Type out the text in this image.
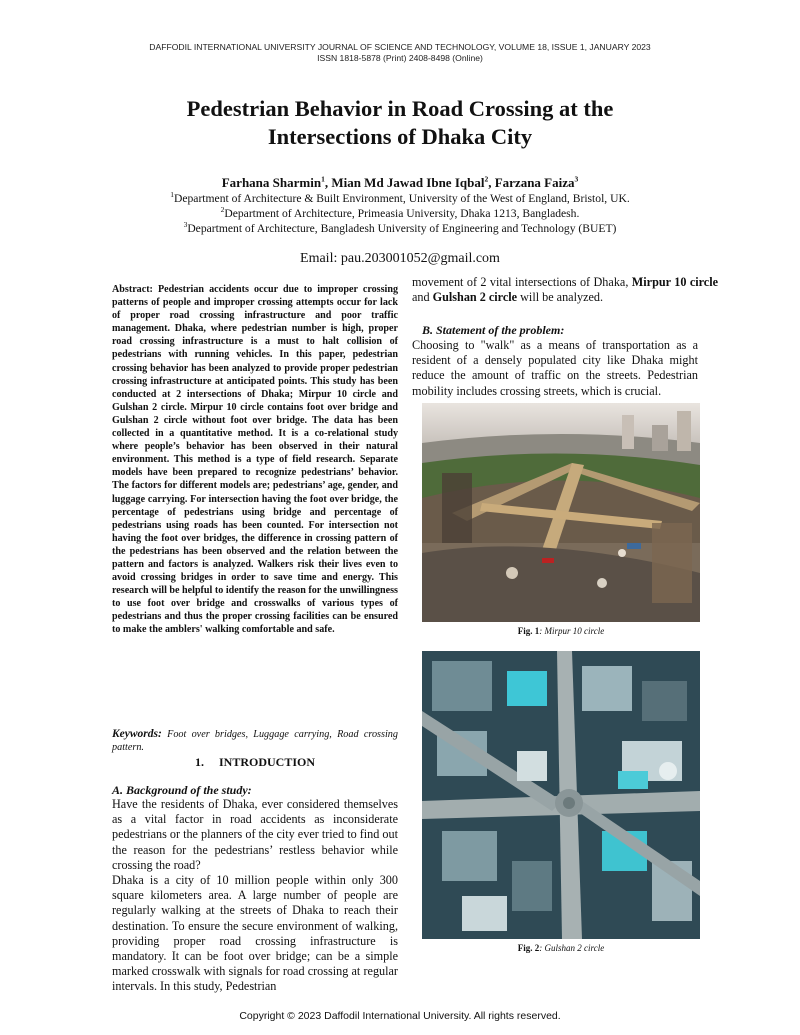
DAFFODIL INTERNATIONAL UNIVERSITY JOURNAL OF SCIENCE AND TECHNOLOGY, VOLUME 18, ISSUE 1, JANUARY 2023
ISSN 1818-5878 (Print) 2408-8498 (Online)
Pedestrian Behavior in Road Crossing at the
Intersections of Dhaka City
Farhana Sharmin$^1$, Mian Md Jawad Ibne Iqbal$^2$, Farzana Faiza$^3$
$^1$Department of Architecture & Built Environment, University of the West of England, Bristol, UK.
$^2$Department of Architecture, Primeasia University, Dhaka 1213, Bangladesh.
$^3$Department of Architecture, Bangladesh University of Engineering and Technology (BUET)
Email: pau.203001052@gmail.com
Abstract: Pedestrian accidents occur due to improper crossing patterns of people and improper crossing attempts occur for lack of proper road crossing infrastructure and poor traffic management. Dhaka, where pedestrian number is high, proper road crossing infrastructure is a must to halt collision of pedestrians with running vehicles. In this paper, pedestrian crossing behavior has been analyzed to provide proper pedestrian crossing infrastructure at anticipated points. This study has been conducted at 2 intersections of Dhaka; Mirpur 10 circle and Gulshan 2 circle. Mirpur 10 circle contains foot over bridge and Gulshan 2 circle without foot over bridge. The data has been collected in a quantitative method. It is a co-relational study where people’s behavior has been observed in their natural environment. This method is a type of field research. Separate models have been prepared to recognize pedestrians’ behavior. The factors for different models are; pedestrians’ age, gender, and luggage carrying. For intersection having the foot over bridge, the percentage of pedestrians using bridge and percentage of pedestrians using roads has been counted. For intersection not having the foot over bridges, the difference in crossing pattern of the pedestrians has been observed and the relation between the pattern and factors is analyzed. Walkers risk their lives even to avoid crossing bridges in order to save time and energy. This research will be helpful to identify the reason for the unwillingness to use foot over bridge and crosswalks of various types of pedestrians and thus the proper crossing facilities can be ensured to make the amblers' walking comfortable and safe.
Keywords: Foot over bridges, Luggage carrying, Road crossing pattern.
1. INTRODUCTION
A. Background of the study:
Have the residents of Dhaka, ever considered themselves as a vital factor in road accidents as inconsiderate pedestrians or the planners of the city ever tried to find out the reason for the pedestrians’ restless behavior while crossing the road?
Dhaka is a city of 10 million people within only 300 square kilometers area. A large number of people are regularly walking at the streets of Dhaka to reach their destination. To ensure the secure environment of walking, providing proper road crossing infrastructure is mandatory. It can be foot over bridge; can be a simple marked crosswalk with signals for road crossing at regular intervals. In this study, Pedestrian
movement of 2 vital intersections of Dhaka, Mirpur 10 circle and Gulshan 2 circle will be analyzed.
B. Statement of the problem:
Choosing to "walk" as a means of transportation as a resident of a densely populated city like Dhaka might reduce the amount of traffic on the streets. Pedestrian mobility includes crossing streets, which is crucial.
Fig. 1: Mirpur 10 circle
Fig. 2: Gulshan 2 circle
Copyright © 2023 Daffodil International University. All rights reserved.
